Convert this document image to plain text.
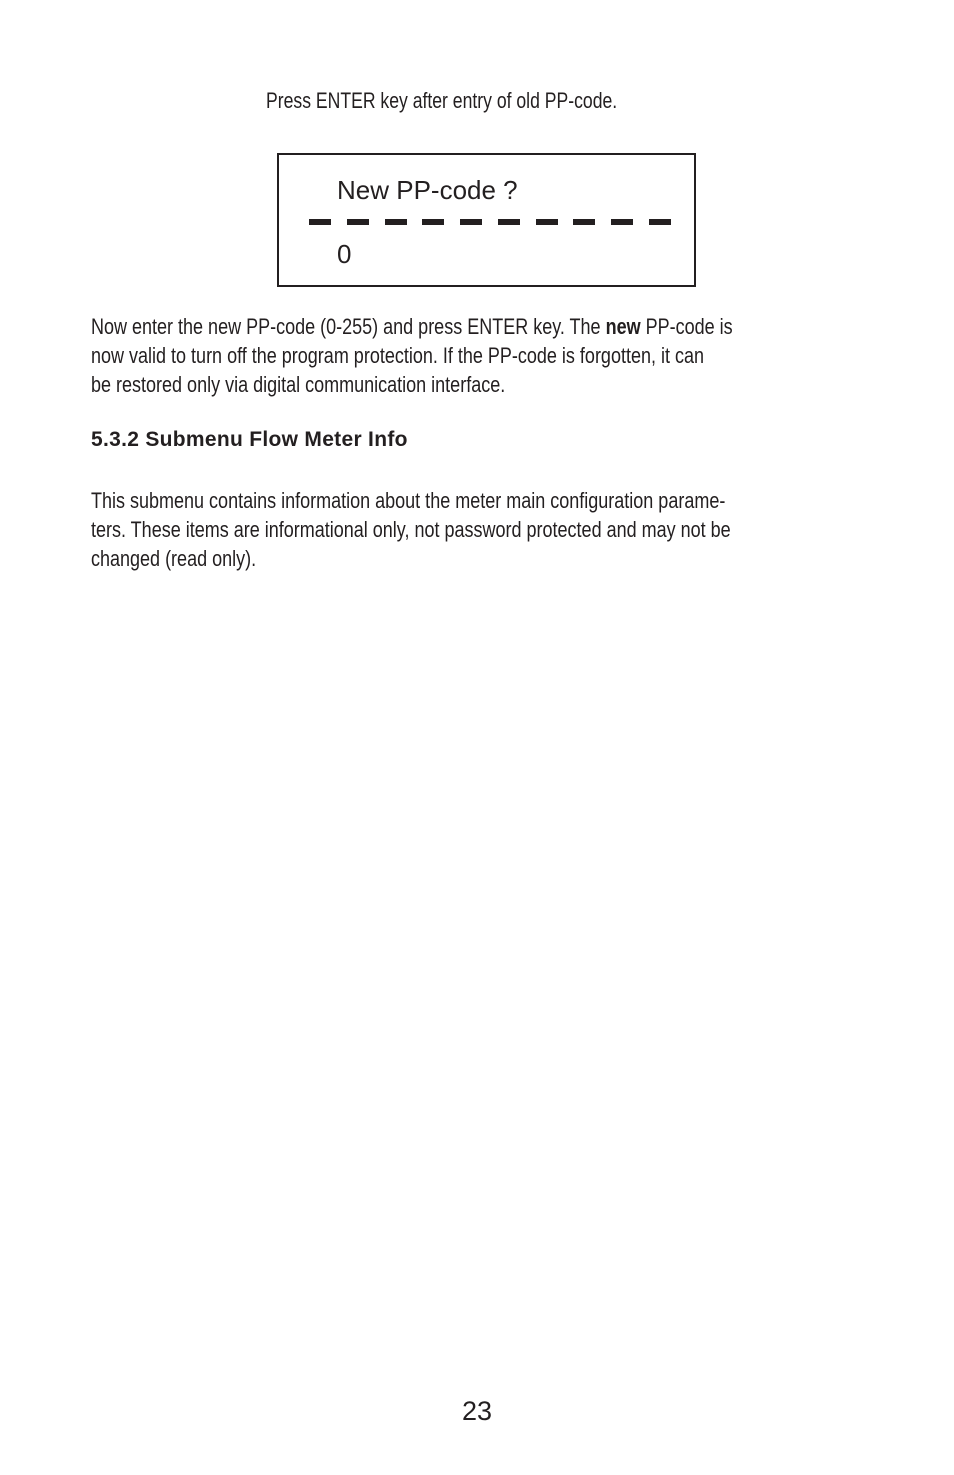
Press ENTER key after entry of old PP-code.
New PP-code ?
0
Now enter the new PP-code (0-255) and press ENTER key. The new PP-code is
now valid to turn off the program protection. If the PP-code is forgotten, it can
be restored only via digital communication interface.
5.3.2 Submenu Flow Meter Info
This submenu contains information about the meter main configuration parame-
ters. These items are informational only, not password protected and may not be
changed (read only).
23
